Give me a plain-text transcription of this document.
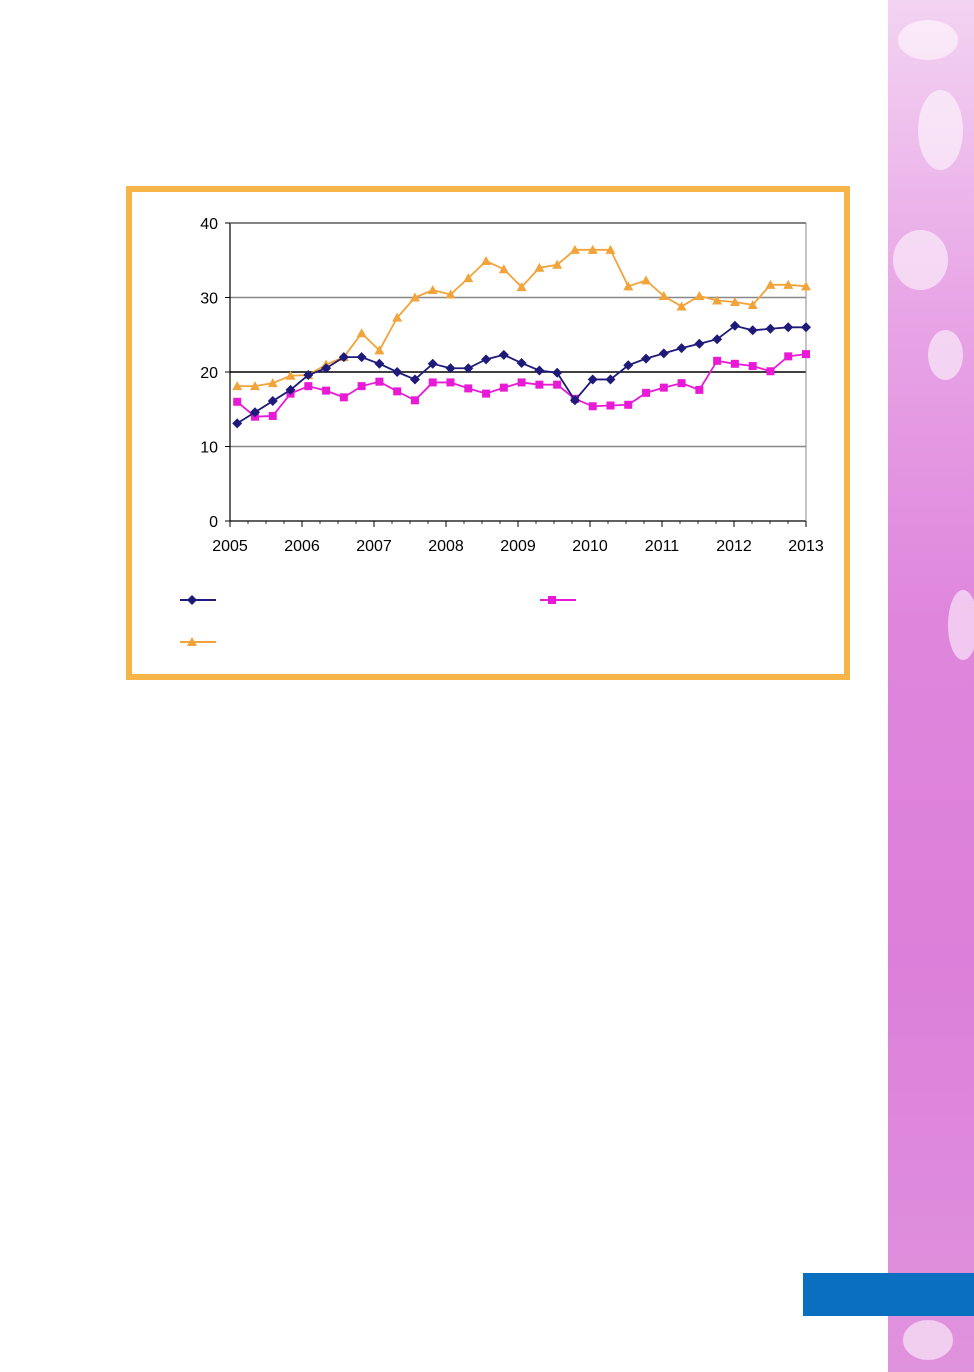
0
10
20
30
40
2005 2006 2007 2008 2009 2010 2011 2012 2013
